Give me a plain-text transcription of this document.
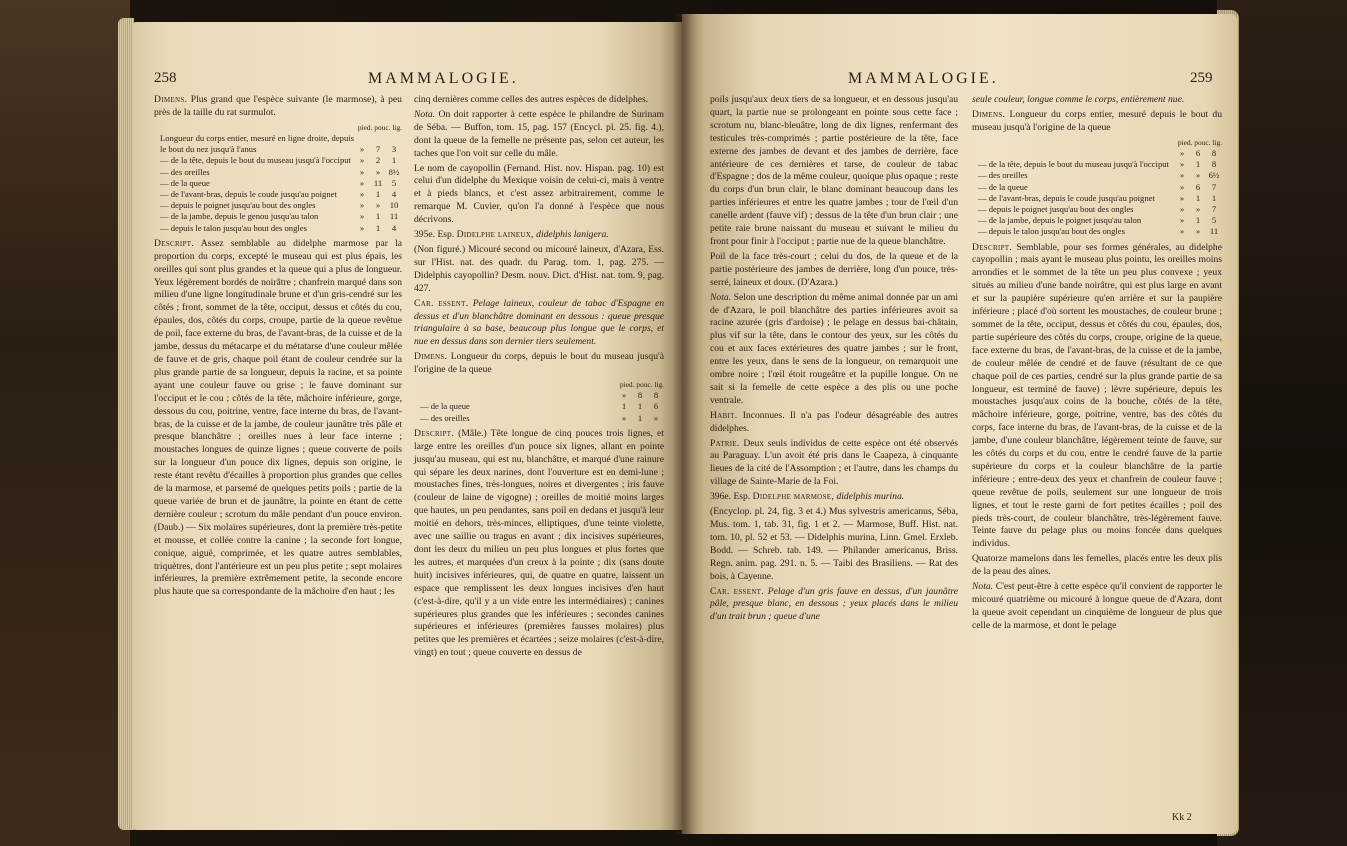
258	MAMMALOGIE.

Dimens. Plus grand que l'espèce suivante (le marmose), à peu près de la taille du rat surmulot.

pied. pouc. lig.			
Longueur du corps entier, mesuré en ligne droite, depuis le bout du nez jusqu'à l'anus	»	7	3
— de la tête, depuis le bout du museau jusqu'à l'occiput	»	2	1
— des oreilles	»	»	8½
— de la queue	»	11	5
— de l'avant-bras, depuis le coude jusqu'au poignet	»	1	4
— depuis le poignet jusqu'au bout des ongles	»	»	10
— de la jambe, depuis le genou jusqu'au talon	»	1	11
— depuis le talon jusqu'au bout des ongles	»	1	4

Descript. Assez semblable au didelphe marmose par la proportion du corps, excepté le museau qui est plus épais, les oreilles qui sont plus grandes et la queue qui a plus de longueur. Yeux légèrement bordés de noirâtre ; chanfrein marqué dans son milieu d'une ligne longitudinale brune et d'un gris-cendré sur les côtés ; front, sommet de la tête, occiput, dessus et côtés du cou, épaules, dos, côtés du corps, croupe, partie de la queue revêtue de poil, face externe du bras, de l'avant-bras, de la cuisse et de la jambe, dessus du métacarpe et du métatarse d'une couleur mêlée de fauve et de gris, chaque poil étant de couleur cendrée sur la plus grande partie de sa longueur, depuis la racine, et sa pointe ayant une couleur fauve ou grise ; le fauve dominant sur l'occiput et le cou ; côtés de la tête, mâchoire inférieure, gorge, dessous du cou, poitrine, ventre, face interne du bras, de l'avant-bras, de la cuisse et de la jambe, de couleur jaunâtre très pâle et presque blanchâtre ; oreilles nues à leur face interne ; moustaches longues de quinze lignes ; queue couverte de poils sur la longueur d'un pouce dix lignes, depuis son origine, le reste étant revêtu d'écailles à proportion plus grandes que celles de la marmose, et parsemé de quelques petits poils ; partie de la queue variée de brun et de jaunâtre, la pointe en étant de cette dernière couleur ; scrotum du mâle pendant d'un pouce environ. (Daub.) — Six molaires supérieures, dont la première très-petite et mousse, et collée contre la canine ; la seconde fort longue, conique, aiguë, comprimée, et les quatre autres semblables, triquètres, dont l'antérieure est un peu plus petite ; sept molaires inférieures, la première extrêmement petite, la seconde encore plus haute que sa correspondante de la mâchoire d'en haut ; les

cinq dernières comme celles des autres espèces de didelphes.

Nota. On doit rapporter à cette espèce le philandre de Surinam de Séba. — Buffon, tom. 15, pag. 157 (Encycl. pl. 25. fig. 4.), dont la queue de la femelle ne présente pas, selon cet auteur, les taches que l'on voit sur celle du mâle.

Le nom de cayopollin (Fernand. Hist. nov. Hispan. pag. 10) est celui d'un didelphe du Mexique voisin de celui-ci, mais à ventre et à pieds blancs, et c'est assez arbitrairement, comme le remarque M. Cuvier, qu'on l'a donné à l'espèce que nous décrivons.

395e. Esp. Didelphe laineux, didelphis lanigera.

(Non figuré.) Micouré second ou micouré laineux, d'Azara, Ess. sur l'Hist. nat. des quadr. du Parag. tom. 1, pag. 275. — Didelphis cayopollin? Desm. nouv. Dict. d'Hist. nat. tom. 9, pag. 427.

Car. essent. Pelage laineux, couleur de tabac d'Espagne en dessus et d'un blanchâtre dominant en dessous : queue presque triangulaire à sa base, beaucoup plus longue que le corps, et nue en dessus dans son dernier tiers seulement.

Dimens. Longueur du corps, depuis le bout du museau jusqu'à l'origine de la queue

pied. pouc. lig.			
	»	8	8
— de la queue	1	1	6
— des oreilles	»	1	»

Descript. (Mâle.) Tête longue de cinq pouces trois lignes, et large entre les oreilles d'un pouce six lignes, allant en pointe jusqu'au museau, qui est nu, blanchâtre, et marqué d'une rainure qui sépare les deux narines, dont l'ouverture est en demi-lune ; moustaches fines, très-longues, noires et divergentes ; iris fauve (couleur de laine de vigogne) ; oreilles de moitié moins larges que hautes, un peu pendantes, sans poil en dedans et jusqu'à leur moitié en dehors, très-minces, elliptiques, d'une teinte violette, avec une saillie ou tragus en avant ; dix incisives supérieures, dont les deux du milieu un peu plus longues et plus fortes que les autres, et marquées d'un creux à la pointe ; dix (sans doute huit) incisives inférieures, qui, de quatre en quatre, laissent un espace que remplissent les deux longues incisives d'en haut (c'est-à-dire, qu'il y a un vide entre les intermédiaires) ; canines supérieures plus grandes que les inférieures ; secondes canines supérieures et inférieures (premières fausses molaires) plus petites que les premières et écartées ; seize molaires (c'est-à-dire, vingt) en tout ; queue couverte en dessus de

MAMMALOGIE.	259

poils jusqu'aux deux tiers de sa longueur, et en dessous jusqu'au quart, la partie nue se prolongeant en pointe sous cette face ; scrotum nu, blanc-bleuâtre, long de dix lignes, renfermant des testicules très-comprimés ; partie postérieure de la tête, face externe des jambes de devant et des jambes de derrière, face antérieure de ces dernières et tarse, de couleur de tabac d'Espagne ; dos de la même couleur, quoique plus opaque ; reste du corps d'un brun clair, le blanc dominant beaucoup dans les parties inférieures et entre les quatre jambes ; tour de l'œil d'un canelle ardent (fauve vif) ; dessus de la tête d'un brun clair ; une petite raie brune naissant du museau et suivant le milieu du front pour finir à l'occiput ; partie nue de la queue blanchâtre.

Poil de la face très-court ; celui du dos, de la queue et de la partie postérieure des jambes de derrière, long d'un pouce, très-serré, laineux et doux. (D'Azara.)

Nota. Selon une description du même animal donnée par un ami de d'Azara, le poil blanchâtre des parties inférieures avoit sa racine azurée (gris d'ardoise) ; le pelage en dessus bai-châtain, plus vif sur la tête, dans le contour des yeux, sur les côtés du cou et aux faces extérieures des quatre jambes ; sur le front, entre les yeux, dans le sens de la longueur, on remarquoit une ombre noire ; l'œil étoit rougeâtre et la pupille longue. On ne sait si la femelle de cette espèce a des plis ou une poche ventrale.

Habit. Inconnues. Il n'a pas l'odeur désagréable des autres didelphes.

Patrie. Deux seuls individus de cette espèce ont été observés au Paraguay. L'un avoit été pris dans le Caapeza, à cinquante lieues de la cité de l'Assomption ; et l'autre, dans les champs du village de Sainte-Marie de la Foi.

396e. Esp. Didelphe marmose, didelphis murina.

(Encyclop. pl. 24, fig. 3 et 4.) Mus sylvestris americanus, Séba, Mus. tom. 1, tab. 31, fig. 1 et 2. — Marmose, Buff. Hist. nat. tom. 10, pl. 52 et 53. — Didelphis murina, Linn. Gmel. Erxleb. Bodd. — Schreb. tab. 149. — Philander americanus, Briss. Regn. anim. pag. 291. n. 5. — Taibi des Brasiliens. — Rat des bois, à Cayenne.

Car. essent. Pelage d'un gris fauve en dessus, d'un jaunâtre pâle, presque blanc, en dessous ; yeux placés dans le milieu d'un trait brun ; queue d'une

seule couleur, longue comme le corps, entièrement nue.

Dimens. Longueur du corps entier, mesuré depuis le bout du museau jusqu'à l'origine de la queue

pied. pouc. lig.			
	»	6	8
— de la tête, depuis le bout du museau jusqu'à l'occiput	»	1	8
— des oreilles	»	»	6½
— de la queue	»	6	7
— de l'avant-bras, depuis le coude jusqu'au poignet	»	1	1
— depuis le poignet jusqu'au bout des ongles	»	»	7
— de la jambe, depuis le poignet jusqu'au talon	»	1	5
— depuis le talon jusqu'au bout des ongles	»	»	11

Descript. Semblable, pour ses formes générales, au didelphe cayopollin ; mais ayant le museau plus pointu, les oreilles moins arrondies et le sommet de la tête un peu plus convexe ; yeux situés au milieu d'une bande noirâtre, qui est plus large en avant et sur la paupière supérieure qu'en arrière et sur la paupière inférieure ; placé d'où sortent les moustaches, de couleur brune ; sommet de la tête, occiput, dessus et côtés du cou, épaules, dos, partie supérieure des côtés du corps, croupe, origine de la queue, face externe du bras, de l'avant-bras, de la cuisse et de la jambe, de couleur mêlée de cendré et de fauve (résultant de ce que chaque poil de ces parties, cendré sur la plus grande partie de sa longueur, est terminé de fauve) ; lèvre supérieure, depuis les moustaches jusqu'aux coins de la bouche, côtés de la tête, mâchoire inférieure, gorge, poitrine, ventre, bas des côtés du corps, face interne du bras, de l'avant-bras, de la cuisse et de la jambe, d'une couleur blanchâtre, légèrement teinte de fauve, sur les côtés du corps et du cou, entre le cendré fauve de la partie supérieure du corps et la couleur blanchâtre de la partie inférieure ; entre-deux des yeux et chanfrein de couleur fauve ; queue revêtue de poils, seulement sur une longueur de trois lignes, et tout le reste garni de fort petites écailles ; poil des pieds très-court, de couleur blanchâtre, très-légèrement fauve. Teinte fauve du pelage plus ou moins foncée dans quelques individus.

Quatorze mamelons dans les femelles, placés entre les deux plis de la peau des aînes.

Nota. C'est peut-être à cette espèce qu'il convient de rapporter le micouré quatrième ou micouré à longue queue de d'Azara, dont la queue avoit cependant un cinquième de longueur de plus que celle de la marmose, et dont le pelage

Kk 2
